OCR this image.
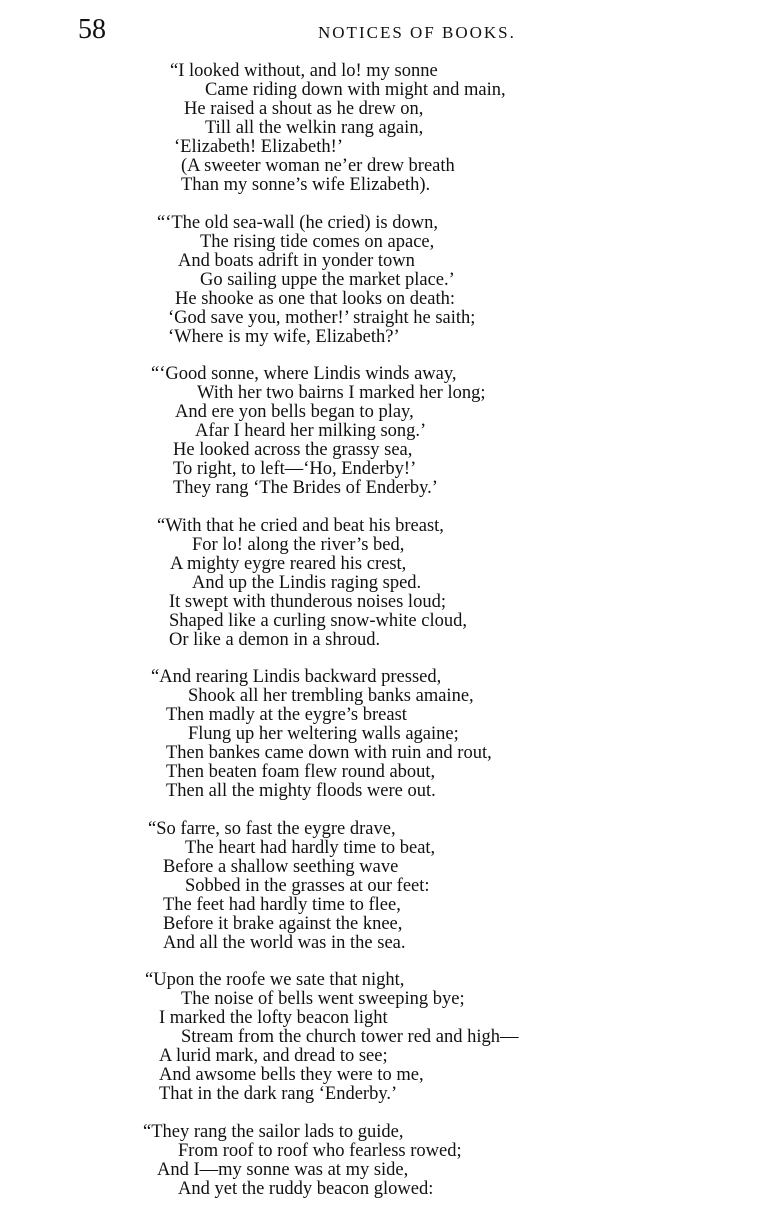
58	NOTICES OF BOOKS.
“I looked without, and lo! my sonne
Came riding down with might and main,
He raised a shout as he drew on,
Till all the welkin rang again,
‘Elizabeth! Elizabeth!’
(A sweeter woman ne’er drew breath
Than my sonne’s wife Elizabeth).
“‘The old sea-wall (he cried) is down,
The rising tide comes on apace,
And boats adrift in yonder town
Go sailing uppe the market place.’
He shooke as one that looks on death:
‘God save you, mother!’ straight he saith;
‘Where is my wife, Elizabeth?’
“‘Good sonne, where Lindis winds away,
With her two bairns I marked her long;
And ere yon bells began to play,
Afar I heard her milking song.’
He looked across the grassy sea,
To right, to left—‘Ho, Enderby!’
They rang ‘The Brides of Enderby.’
“With that he cried and beat his breast,
For lo! along the river’s bed,
A mighty eygre reared his crest,
And up the Lindis raging sped.
It swept with thunderous noises loud;
Shaped like a curling snow-white cloud,
Or like a demon in a shroud.
“And rearing Lindis backward pressed,
Shook all her trembling banks amaine,
Then madly at the eygre’s breast
Flung up her weltering walls againe;
Then bankes came down with ruin and rout,
Then beaten foam flew round about,
Then all the mighty floods were out.
“So farre, so fast the eygre drave,
The heart had hardly time to beat,
Before a shallow seething wave
Sobbed in the grasses at our feet:
The feet had hardly time to flee,
Before it brake against the knee,
And all the world was in the sea.
“Upon the roofe we sate that night,
The noise of bells went sweeping bye;
I marked the lofty beacon light
Stream from the church tower red and high—
A lurid mark, and dread to see;
And awsome bells they were to me,
That in the dark rang ‘Enderby.’
“They rang the sailor lads to guide,
From roof to roof who fearless rowed;
And I—my sonne was at my side,
And yet the ruddy beacon glowed:
